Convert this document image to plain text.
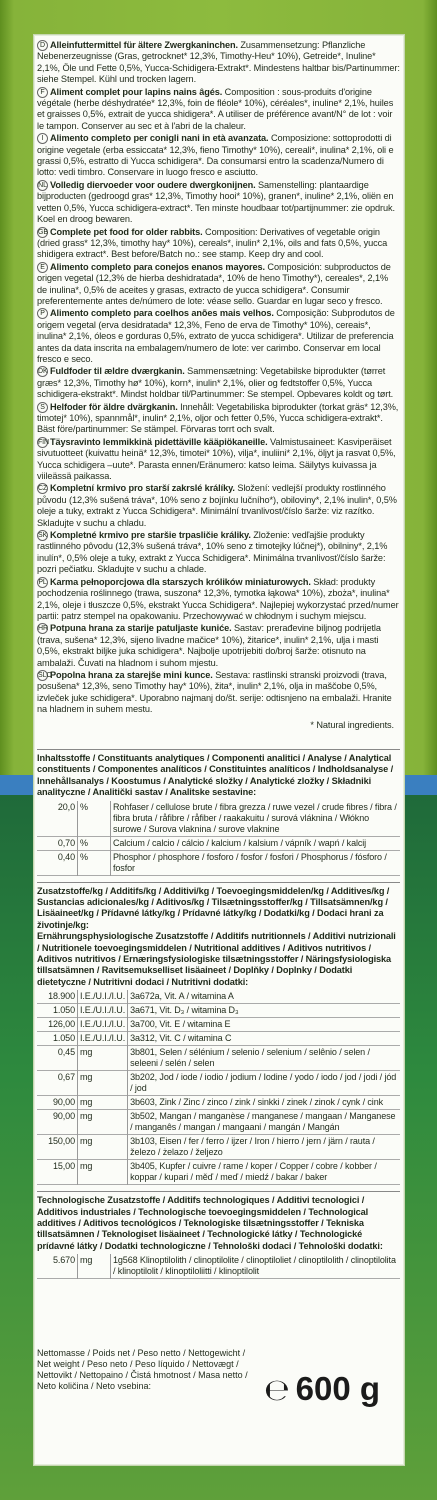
D Alleinfuttermittel für ältere Zwergkaninchen. Zusammensetzung: Pflanzliche Nebenerzeugnisse (Gras, getrocknet* 12,3%, Timothy-Heu* 10%), Getreide*, Inuline* 2,1%, Öle und Fette 0,5%, Yucca-Schidigera-Extrakt*. Mindestens haltbar bis/Partinummer: siehe Stempel. Kühl und trocken lagern.
F Aliment complet pour lapins nains âgés. Composition : sous-produits d'origine végétale (herbe déshydratée* 12,3%, foin de fléole* 10%), céréales*, inuline* 2,1%, huiles et graisses 0,5%, extrait de yucca shidigera*. A utiliser de préférence avant/N° de lot : voir le tampon. Conserver au sec et à l'abri de la chaleur.
I Alimento completo per conigli nani in età avanzata. Composizione: sottoprodotti di origine vegetale (erba essiccata* 12,3%, fieno Timothy* 10%), cereali*, inulina* 2,1%, oli e grassi 0,5%, estratto di Yucca schidigera*. Da consumarsi entro la scadenza/Numero di lotto: vedi timbro. Conservare in luogo fresco e asciutto.
NL Volledig diervoeder voor oudere dwergkonijnen. Samenstelling: plantaardige bijproducten (gedroogd gras* 12,3%, Timothy hooi* 10%), granen*, inuline* 2,1%, oliën en vetten 0,5%, Yucca schidigera-extract*. Ten minste houdbaar tot/partijnummer: zie opdruk. Koel en droog bewaren.
GB Complete pet food for older rabbits. Composition: Derivatives of vegetable origin (dried grass* 12,3%, timothy hay* 10%), cereals*, inulin* 2,1%, oils and fats 0,5%, yucca shidigera extract*. Best before/Batch no.: see stamp. Keep dry and cool.
E Alimento completo para conejos enanos mayores. Composición: subproductos de origen vegetal (12,3% de hierba deshidratada*, 10% de heno Timothy*), cereales*, 2,1% de inulina*, 0,5% de aceites y grasas, extracto de yucca schidigera*. Consumir preferentemente antes de/número de lote: véase sello. Guardar en lugar seco y fresco.
P Alimento completo para coelhos anões mais velhos. Composição: Subprodutos de origem vegetal (erva desidratada* 12,3%, Feno de erva de Timothy* 10%), cereais*, inulina* 2,1%, óleos e gorduras 0,5%, extrato de yucca schidigera*. Utilizar de preferencia antes da data inscrita na embalagem/numero de lote: ver carimbo. Conservar em local fresco e seco.
DK Fuldfoder til ældre dværgkanin. Sammensætning: Vegetabilske biprodukter (tørret græs* 12,3%, Timothy hø* 10%), korn*, inulin* 2,1%, olier og fedtstoffer 0,5%, Yucca schidigera-ekstrakt*. Mindst holdbar til/Partinummer: Se stempel. Opbevares koldt og tørt.
S Helfoder för äldre dvärgkanin. Innehåll: Vegetabiliska biprodukter (torkat gräs* 12,3%, timotej* 10%), spannmål*, inulin* 2,1%, oljor och fetter 0,5%, Yucca schidigera-extrakt*. Bäst före/partinummer: Se stämpel. Förvaras torrt och svalt.
FINTäysravinto lemmikkinä pidettäville kääpiökaneille. Valmistusaineet: Kasviperäiset sivutuotteet (kuivattu heinä* 12,3%, timotei* 10%), vilja*, inuliini* 2,1%, öljyt ja rasvat 0,5%, Yucca schidigera –uute*. Parasta ennen/Eränumero: katso leima. Säilytys kuivassa ja viileässä paikassa.
CZ Kompletní krmivo pro starší zakrslé králíky. Složení: vedlejší produkty rostlinného původu (12,3% sušená tráva*, 10% seno z bojínku lučního*), obiloviny*, 2,1% inulin*, 0,5% oleje a tuky, extrakt z Yucca Schidigera*. Minimální trvanlivost/číslo šarže: viz razítko. Skladujte v suchu a chladu.
SK Kompletné krmivo pre staršie trpasličie králiky. Zloženie: vedľajšie produkty rastlinného pôvodu (12,3% sušená tráva*, 10% seno z timotejky lúčnej*), obilniny*, 2,1% inulín*, 0,5% oleje a tuky, extrakt z Yucca Schidigera*. Minimálna trvanlivosť/číslo šarže: pozri pečiatku. Skladujte v suchu a chlade.
PL Karma pełnoporcjowa dla starszych królików miniaturowych. Skład: produkty pochodzenia roślinnego (trawa, suszona* 12,3%, tymotka łąkowa* 10%), zboża*, inulina* 2,1%, oleje i tłuszcze 0,5%, ekstrakt Yucca Schidigera*. Najlepiej wykorzystać przed/numer partii: patrz stempel na opakowaniu. Przechowywać w chłodnym i suchym miejscu.
HR Potpuna hrana za starije patuljaste kuniće. Sastav: prerađevine biljnog podrijetla (trava, sušena* 12,3%, sijeno livadne mačice* 10%), žitarice*, inulin* 2,1%, ulja i masti 0,5%, ekstrakt biljke juka schidigera*. Najbolje upotrijebiti do/broj šarže: otisnuto na ambalaži. Čuvati na hladnom i suhom mjestu.
SLOPopolna hrana za starejše mini kunce. Sestava: rastlinski stranski proizvodi (trava, posušena* 12,3%, seno Timothy hay* 10%), žita*, inulin* 2,1%, olja in maščobe 0,5%, izvleček juke schidigera*. Uporabno najmanj do/št. serije: odtisnjeno na embalaži. Hranite na hladnem in suhem mestu.
* Natural ingredients.
Inhaltsstoffe / Constituants analytiques / Componenti analitici / Analyse / Analytical constituents / Componentes analíticos / Constituintes analíticos / Indholdsanalyse / Innehållsanalys / Koostumus / Analytické složky / Analytické zložky / Składniki analityczne / Analitički sastav / Analitske sestavine:
20,0	%	Rohfaser / cellulose brute / fibra grezza / ruwe vezel / crude fibres / fibra / fibra bruta / råfibre / råfiber / raakakuitu / surová vláknina / Włókno surowe / Surova vlaknina / surove vlaknine
0,70	%	Calcium / calcio / cálcio / kalcium / kalsium / vápník / wapń / kalcij
0,40	%	Phosphor / phosphore / fosforo / fosfor / fosfori / Phosphorus / fósforo / fosfor
Zusatzstoffe/kg / Additifs/kg / Additivi/kg / Toevoegingsmiddelen/kg / Additives/kg / Sustancias adicionales/kg / Aditivos/kg / Tilsætningsstoffer/kg / Tillsatsämnen/kg / Lisäaineet/kg / Přídavné látky/kg / Prídavné látky/kg / Dodatki/kg / Dodaci hrani za životinje/kg:
Ernährungsphysiologische Zusatzstoffe / Additifs nutritionnels / Additivi nutrizionali / Nutritionele toevoegingsmiddelen / Nutritional additives / Aditivos nutritivos / Aditivos nutritivos / Ernæringsfysiologiske tilsætningsstoffer / Näringsfysiologiska tillsatsämnen / Ravitsemukselliset lisäaineet / Doplňky / Doplnky / Dodatki dietetyczne / Nutritivni dodaci / Nutritivni dodatki:
18.900	I.E./U.I./I.U.	3a672a, Vit. A / witamina A
1.050	I.E./U.I./I.U.	3a671, Vit. D₃ / witamina D₃
126,00	I.E./U.I./I.U.	3a700, Vit. E / witamina E
1.050	I.E./U.I./I.U.	3a312, Vit. C / witamina C
0,45	mg	3b801, Selen / sélénium / selenio / selenium / selênio / selen / seleeni / selén / selen
0,67	mg	3b202, Jod / iode / iodio / jodium / Iodine / yodo / iodo / jod / jodi / jód / jod
90,00	mg	3b603, Zink / Zinc / zinco / zink / sinkki / zinek / zinok / cynk / cink
90,00	mg	3b502, Mangan / manganèse / manganese / mangaan / Manganese / manganês / mangan / mangaani / mangán / Mangán
150,00	mg	3b103, Eisen / fer / ferro / ijzer / Iron / hierro / jern / järn / rauta / železo / żelazo / željezo
15,00	mg	3b405, Kupfer / cuivre / rame / koper / Copper / cobre / kobber / koppar / kupari / měď / meď / miedź / bakar / baker
Technologische Zusatzstoffe / Additifs technologiques / Additivi tecnologici / Additivos industriales / Technologische toevoegingsmiddelen / Technological additives / Aditivos tecnológicos / Teknologiske tilsætningsstoffer / Tekniska tillsatsämnen / Teknologiset lisäaineet / Technologické látky / Technologické prídavné látky / Dodatki technologiczne / Tehnološki dodaci / Tehnološki dodatki:
5.670	mg	1g568 Klinoptilolith / clinoptilolite / clinoptiloliet / clinoptilolith / clinoptilolita / klinoptilolit / klinoptiloliitti / klinoptilolit
Nettomasse / Poids net / Peso netto / Nettogewicht / Net weight / Peso neto / Peso líquido / Nettovægt / Nettovikt / Nettopaino / Čistá hmotnost / Masa netto / Neto količina / Neto vsebina:	℮ 600 g
